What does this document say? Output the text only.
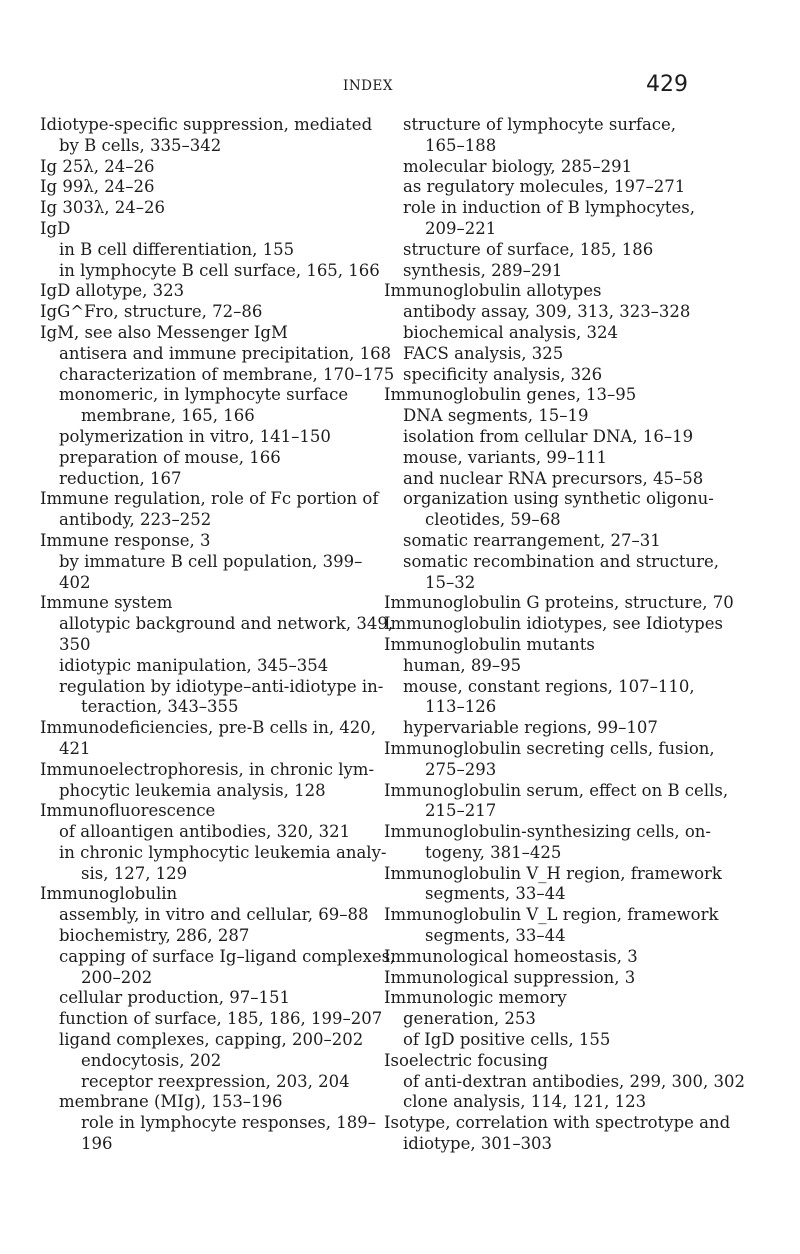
INDEX	429
Idiotype-specific suppression, mediated
by B cells, 335–342
Ig 25λ, 24–26
Ig 99λ, 24–26
Ig 303λ, 24–26
IgD
in B cell differentiation, 155
in lymphocyte B cell surface, 165, 166
IgD allotype, 323
IgG^Fro, structure, 72–86
IgM, see also Messenger IgM
antisera and immune precipitation, 168
characterization of membrane, 170–175
monomeric, in lymphocyte surface
membrane, 165, 166
polymerization in vitro, 141–150
preparation of mouse, 166
reduction, 167
Immune regulation, role of Fc portion of
antibody, 223–252
Immune response, 3
by immature B cell population, 399–
402
Immune system
allotypic background and network, 349,
350
idiotypic manipulation, 345–354
regulation by idiotype–anti-idiotype in-
teraction, 343–355
Immunodeficiencies, pre-B cells in, 420,
421
Immunoelectrophoresis, in chronic lym-
phocytic leukemia analysis, 128
Immunofluorescence
of alloantigen antibodies, 320, 321
in chronic lymphocytic leukemia analy-
sis, 127, 129
Immunoglobulin
assembly, in vitro and cellular, 69–88
biochemistry, 286, 287
capping of surface Ig–ligand complexes,
200–202
cellular production, 97–151
function of surface, 185, 186, 199–207
ligand complexes, capping, 200–202
endocytosis, 202
receptor reexpression, 203, 204
membrane (MIg), 153–196
role in lymphocyte responses, 189–
196
structure of lymphocyte surface,
165–188
molecular biology, 285–291
as regulatory molecules, 197–271
role in induction of B lymphocytes,
209–221
structure of surface, 185, 186
synthesis, 289–291
Immunoglobulin allotypes
antibody assay, 309, 313, 323–328
biochemical analysis, 324
FACS analysis, 325
specificity analysis, 326
Immunoglobulin genes, 13–95
DNA segments, 15–19
isolation from cellular DNA, 16–19
mouse, variants, 99–111
and nuclear RNA precursors, 45–58
organization using synthetic oligonu-
cleotides, 59–68
somatic rearrangement, 27–31
somatic recombination and structure,
15–32
Immunoglobulin G proteins, structure, 70
Immunoglobulin idiotypes, see Idiotypes
Immunoglobulin mutants
human, 89–95
mouse, constant regions, 107–110,
113–126
hypervariable regions, 99–107
Immunoglobulin secreting cells, fusion,
275–293
Immunoglobulin serum, effect on B cells,
215–217
Immunoglobulin-synthesizing cells, on-
togeny, 381–425
Immunoglobulin V_H region, framework
segments, 33–44
Immunoglobulin V_L region, framework
segments, 33–44
Immunological homeostasis, 3
Immunological suppression, 3
Immunologic memory
generation, 253
of IgD positive cells, 155
Isoelectric focusing
of anti-dextran antibodies, 299, 300, 302
clone analysis, 114, 121, 123
Isotype, correlation with spectrotype and
idiotype, 301–303
